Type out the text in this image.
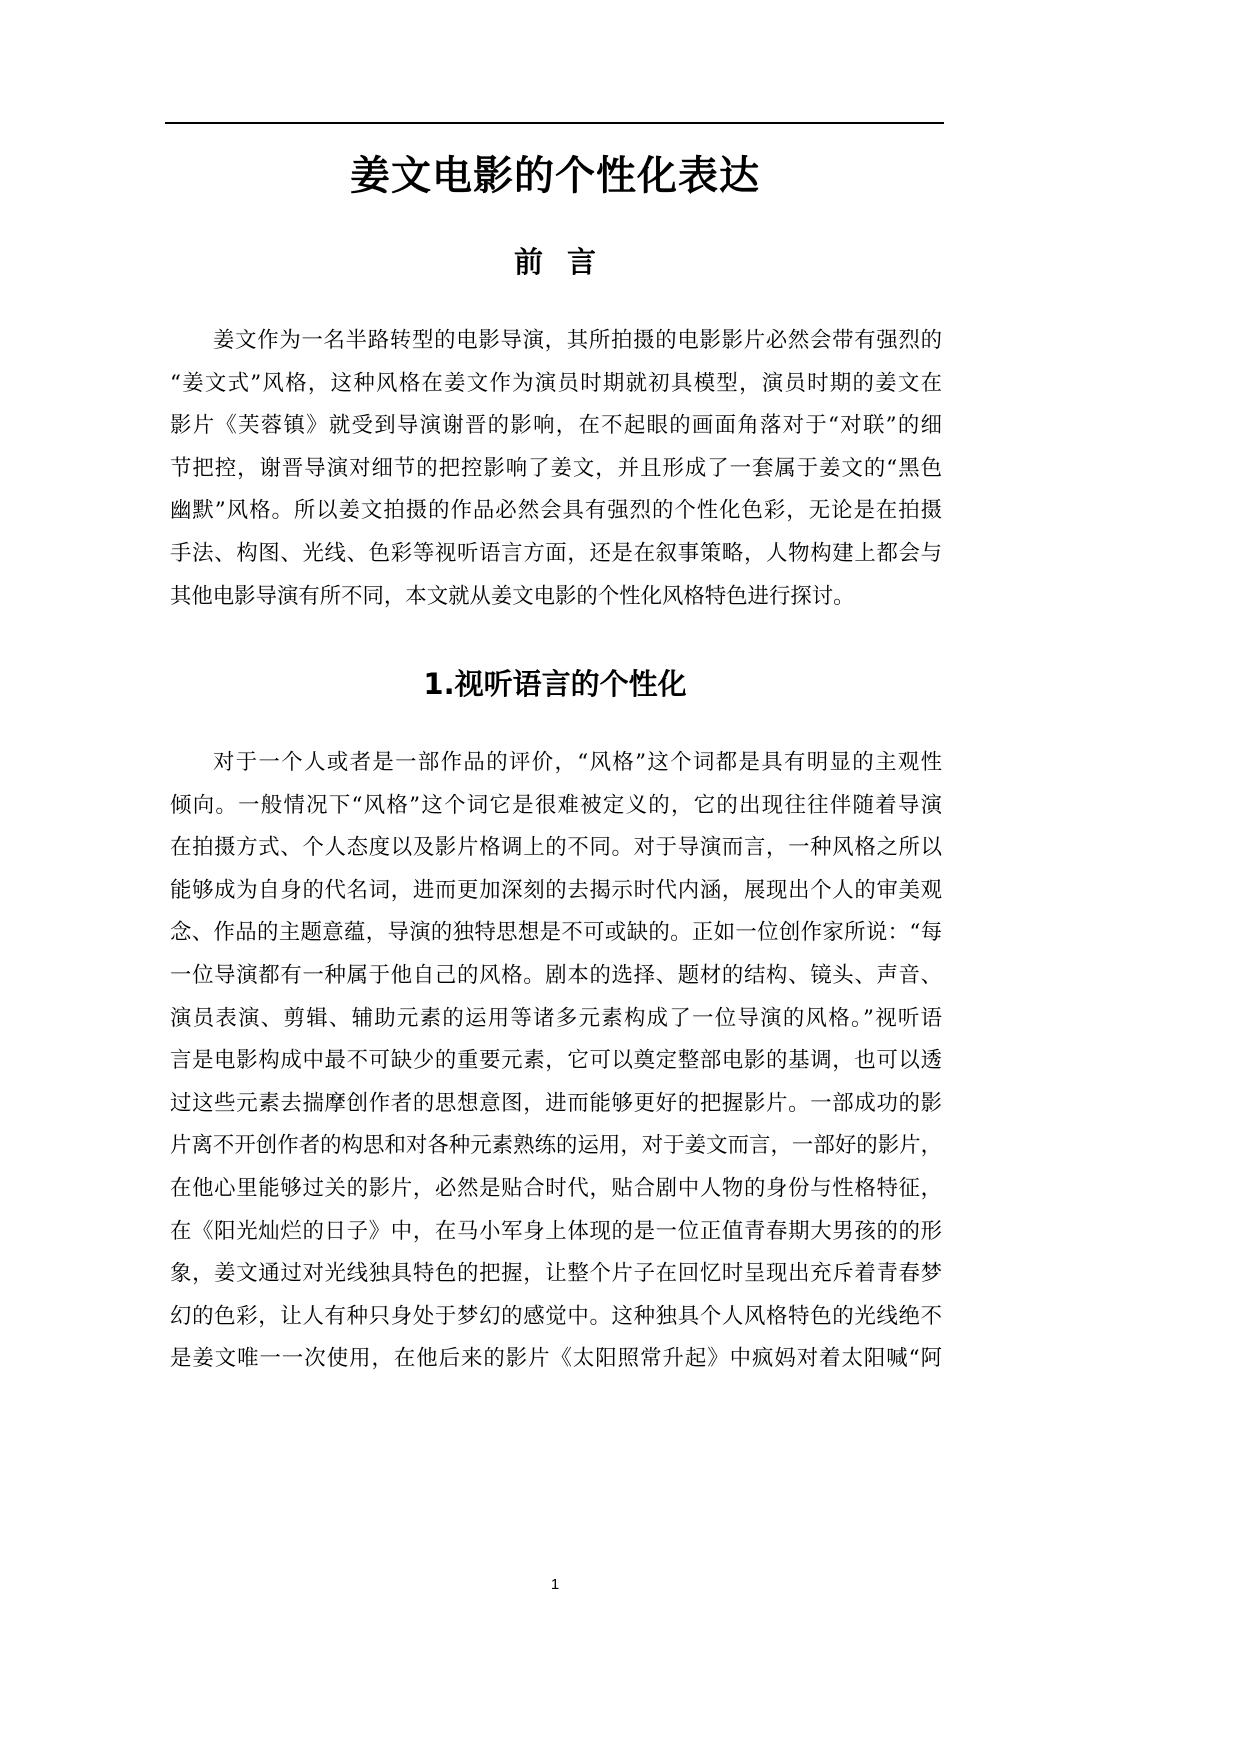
姜文电影的个性化表达
前 言
姜文作为一名半路转型的电影导演，其所拍摄的电影影片必然会带有强烈的
“姜文式”风格，这种风格在姜文作为演员时期就初具模型，演员时期的姜文在
影片《芙蓉镇》就受到导演谢晋的影响，在不起眼的画面角落对于“对联”的细
节把控，谢晋导演对细节的把控影响了姜文，并且形成了一套属于姜文的“黑色
幽默”风格。所以姜文拍摄的作品必然会具有强烈的个性化色彩，无论是在拍摄
手法、构图、光线、色彩等视听语言方面，还是在叙事策略，人物构建上都会与
其他电影导演有所不同，本文就从姜文电影的个性化风格特色进行探讨。
1.视听语言的个性化
对于一个人或者是一部作品的评价，“风格”这个词都是具有明显的主观性
倾向。一般情况下“风格”这个词它是很难被定义的，它的出现往往伴随着导演
在拍摄方式、个人态度以及影片格调上的不同。对于导演而言，一种风格之所以
能够成为自身的代名词，进而更加深刻的去揭示时代内涵，展现出个人的审美观
念、作品的主题意蕴，导演的独特思想是不可或缺的。正如一位创作家所说：“每
一位导演都有一种属于他自己的风格。剧本的选择、题材的结构、镜头、声音、
演员表演、剪辑、辅助元素的运用等诸多元素构成了一位导演的风格。”视听语
言是电影构成中最不可缺少的重要元素，它可以奠定整部电影的基调，也可以透
过这些元素去揣摩创作者的思想意图，进而能够更好的把握影片。一部成功的影
片离不开创作者的构思和对各种元素熟练的运用，对于姜文而言，一部好的影片，
在他心里能够过关的影片，必然是贴合时代，贴合剧中人物的身份与性格特征，
在《阳光灿烂的日子》中，在马小军身上体现的是一位正值青春期大男孩的的形
象，姜文通过对光线独具特色的把握，让整个片子在回忆时呈现出充斥着青春梦
幻的色彩，让人有种只身处于梦幻的感觉中。这种独具个人风格特色的光线绝不
是姜文唯一一次使用，在他后来的影片《太阳照常升起》中疯妈对着太阳喊“阿
1
